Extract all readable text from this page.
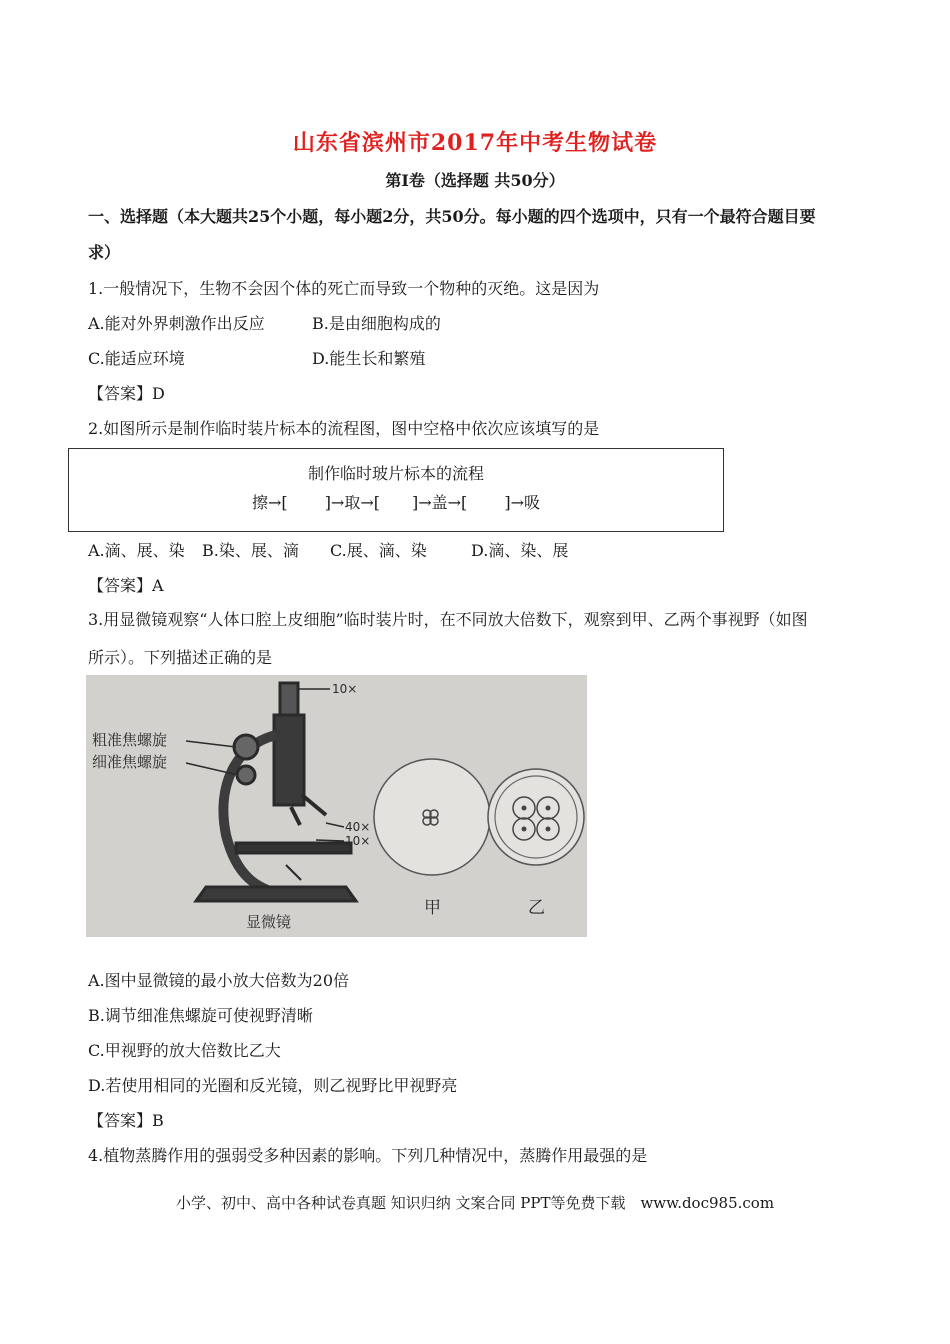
山东省滨州市2017年中考生物试卷
第Ⅰ卷（选择题 共50分）
一、选择题（本大题共25个小题，每小题2分，共50分。每小题的四个选项中，只有一个最符合题目要
求）
1.一般情况下，生物不会因个体的死亡而导致一个物种的灭绝。这是因为
A.能对外界刺激作出反应	B.是由细胞构成的
C.能适应环境	D.能生长和繁殖
【答案】D
2.如图所示是制作临时装片标本的流程图，图中空格中依次应该填写的是
制作临时玻片标本的流程
擦→[　　 ]→取→[　　]→盖→[　　 ]→吸
A.滴、展、染 B.染、展、滴 C.展、滴、染	D.滴、染、展
【答案】A
3.用显微镜观察“人体口腔上皮细胞”临时装片时，在不同放大倍数下，观察到甲、乙两个事视野（如图
所示）。下列描述正确的是
粗准焦螺旋
细准焦螺旋
10×
40×
10×
显微镜
甲	乙
A.图中显微镜的最小放大倍数为20倍
B.调节细准焦螺旋可使视野清晰
C.甲视野的放大倍数比乙大
D.若使用相同的光圈和反光镜，则乙视野比甲视野亮
【答案】B
4.植物蒸腾作用的强弱受多种因素的影响。下列几种情况中，蒸腾作用最强的是
小学、初中、高中各种试卷真题 知识归纳 文案合同 PPT等免费下载　www.doc985.com
